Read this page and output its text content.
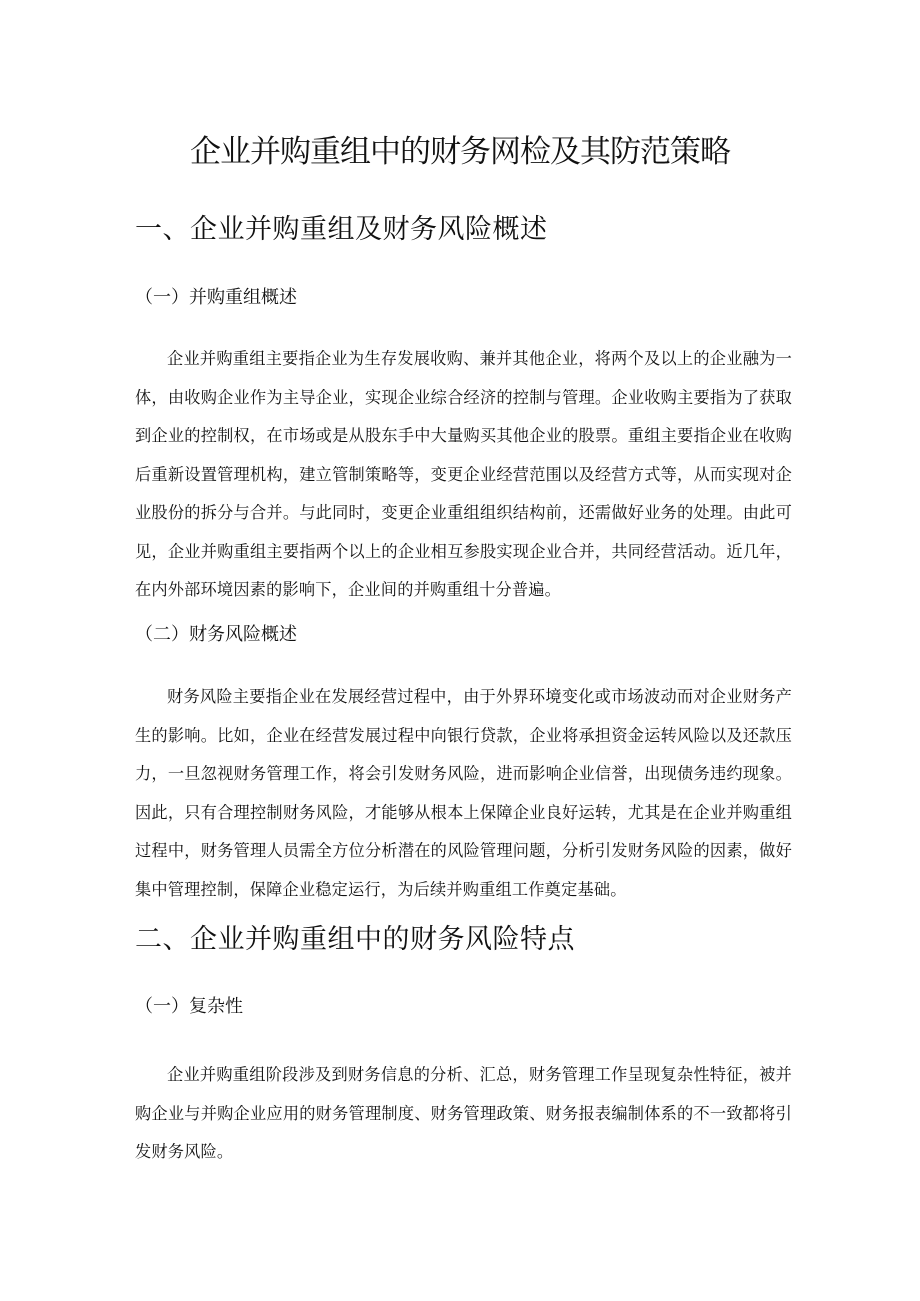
企业并购重组中的财务网检及其防范策略
一、企业并购重组及财务风险概述
（一）并购重组概述

企业并购重组主要指企业为生存发展收购、兼并其他企业，将两个及以上的企业融为一体，由收购企业作为主导企业，实现企业综合经济的控制与管理。企业收购主要指为了获取到企业的控制权，在市场或是从股东手中大量购买其他企业的股票。重组主要指企业在收购后重新设置管理机构，建立管制策略等，变更企业经营范围以及经营方式等，从而实现对企业股份的拆分与合并。与此同时，变更企业重组组织结构前，还需做好业务的处理。由此可见，企业并购重组主要指两个以上的企业相互参股实现企业合并，共同经营活动。近几年，在内外部环境因素的影响下，企业间的并购重组十分普遍。

（二）财务风险概述

财务风险主要指企业在发展经营过程中，由于外界环境变化或市场波动而对企业财务产生的影响。比如，企业在经营发展过程中向银行贷款，企业将承担资金运转风险以及还款压力，一旦忽视财务管理工作，将会引发财务风险，进而影响企业信誉，出现债务违约现象。因此，只有合理控制财务风险，才能够从根本上保障企业良好运转，尤其是在企业并购重组过程中，财务管理人员需全方位分析潜在的风险管理问题，分析引发财务风险的因素，做好集中管理控制，保障企业稳定运行，为后续并购重组工作奠定基础。

二、企业并购重组中的财务风险特点
（一）复杂性

企业并购重组阶段涉及到财务信息的分析、汇总，财务管理工作呈现复杂性特征，被并购企业与并购企业应用的财务管理制度、财务管理政策、财务报表编制体系的不一致都将引发财务风险。
